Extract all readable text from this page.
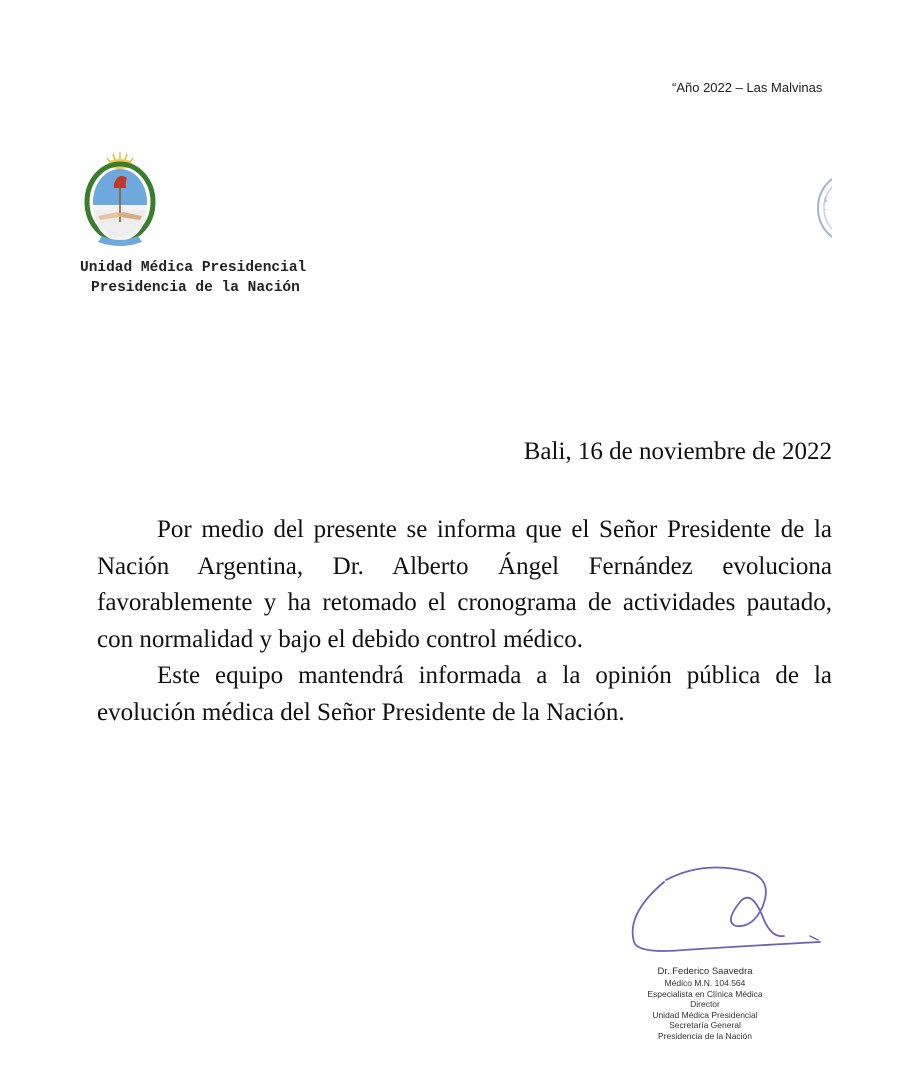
“Año 2022 – Las Malvinas
s
·
Unidad Médica Presidencial
Presidencia de la Nación
Bali, 16 de noviembre de 2022

Por medio del presente se informa que el Señor Presidente de la Nación Argentina, Dr. Alberto Ángel Fernández evoluciona favorablemente y ha retomado el cronograma de actividades pautado, con normalidad y bajo el debido control médico.

Este equipo mantendrá informada a la opinión pública de la evolución médica del Señor Presidente de la Nación.

Dr. Federico Saavedra
Médico M.N. 104.564
Especialista en Clínica Médica
Director
Unidad Médica Presidencial
Secretaría General
Presidencia de la Nación
